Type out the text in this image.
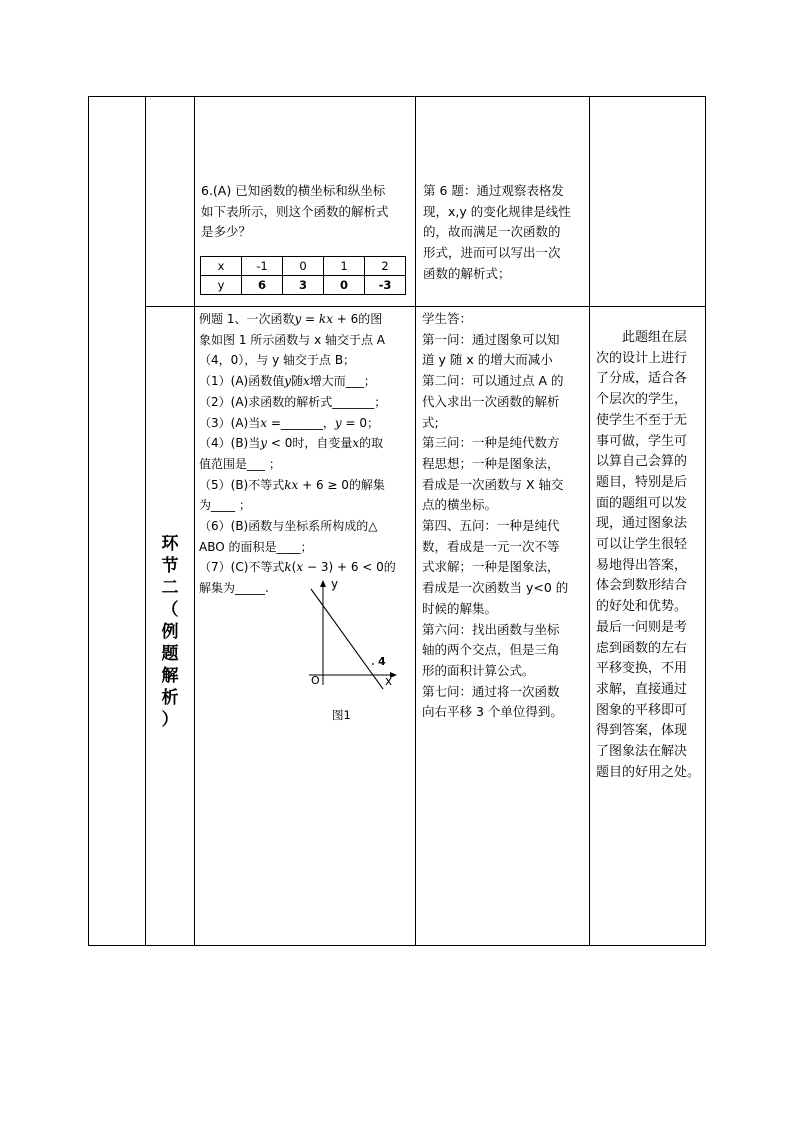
6.(A) 已知函数的横坐标和纵坐标

如下表所示，则这个函数的解析式

是多少？

x	-1	0	1	2
y	6	3	0	-3

第 6 题：通过观察表格发

现，x,y 的变化规律是线性

的，故而满足一次函数的

形式，进而可以写出一次

函数的解析式；

环
节
二
（
例
题
解
析
）

例题 1、一次函数y = kx + 6的图

象如图 1 所示函数与 x 轴交于点 A

（4，0），与 y 轴交于点 B；

（1）(A)函数值y随x增大而___；

（2）(A)求函数的解析式_______；

（3）(A)当x =_______，y = 0；

（4）(B)当y < 0时，自变量x的取

值范围是___ ；

（5）(B)不等式kx + 6 ≥ 0的解集

为____ ；

（6）(B)函数与坐标系所构成的△

ABO 的面积是____；

（7）(C)不等式k(x − 3) + 6 < 0的

解集为_____.	y
x
O
4
图1

学生答：

第一问：通过图象可以知

道 y 随 x 的增大而减小

第二问：可以通过点 A 的

代入求出一次函数的解析

式;

第三问：一种是纯代数方

程思想；一种是图象法，

看成是一次函数与 X 轴交

点的横坐标。

第四、五问：一种是纯代

数，看成是一元一次不等

式求解；一种是图象法，

看成是一次函数当 y<0 的

时候的解集。

第六问：找出函数与坐标

轴的两个交点，但是三角

形的面积计算公式。

第七问：通过将一次函数

向右平移 3 个单位得到。

此题组在层

次的设计上进行

了分成，适合各

个层次的学生，

使学生不至于无

事可做，学生可

以算自己会算的

题目，特别是后

面的题组可以发

现，通过图象法

可以让学生很轻

易地得出答案，

体会到数形结合

的好处和优势。

最后一问则是考

虑到函数的左右

平移变换，不用

求解，直接通过

图象的平移即可

得到答案，体现

了图象法在解决

题目的好用之处。
